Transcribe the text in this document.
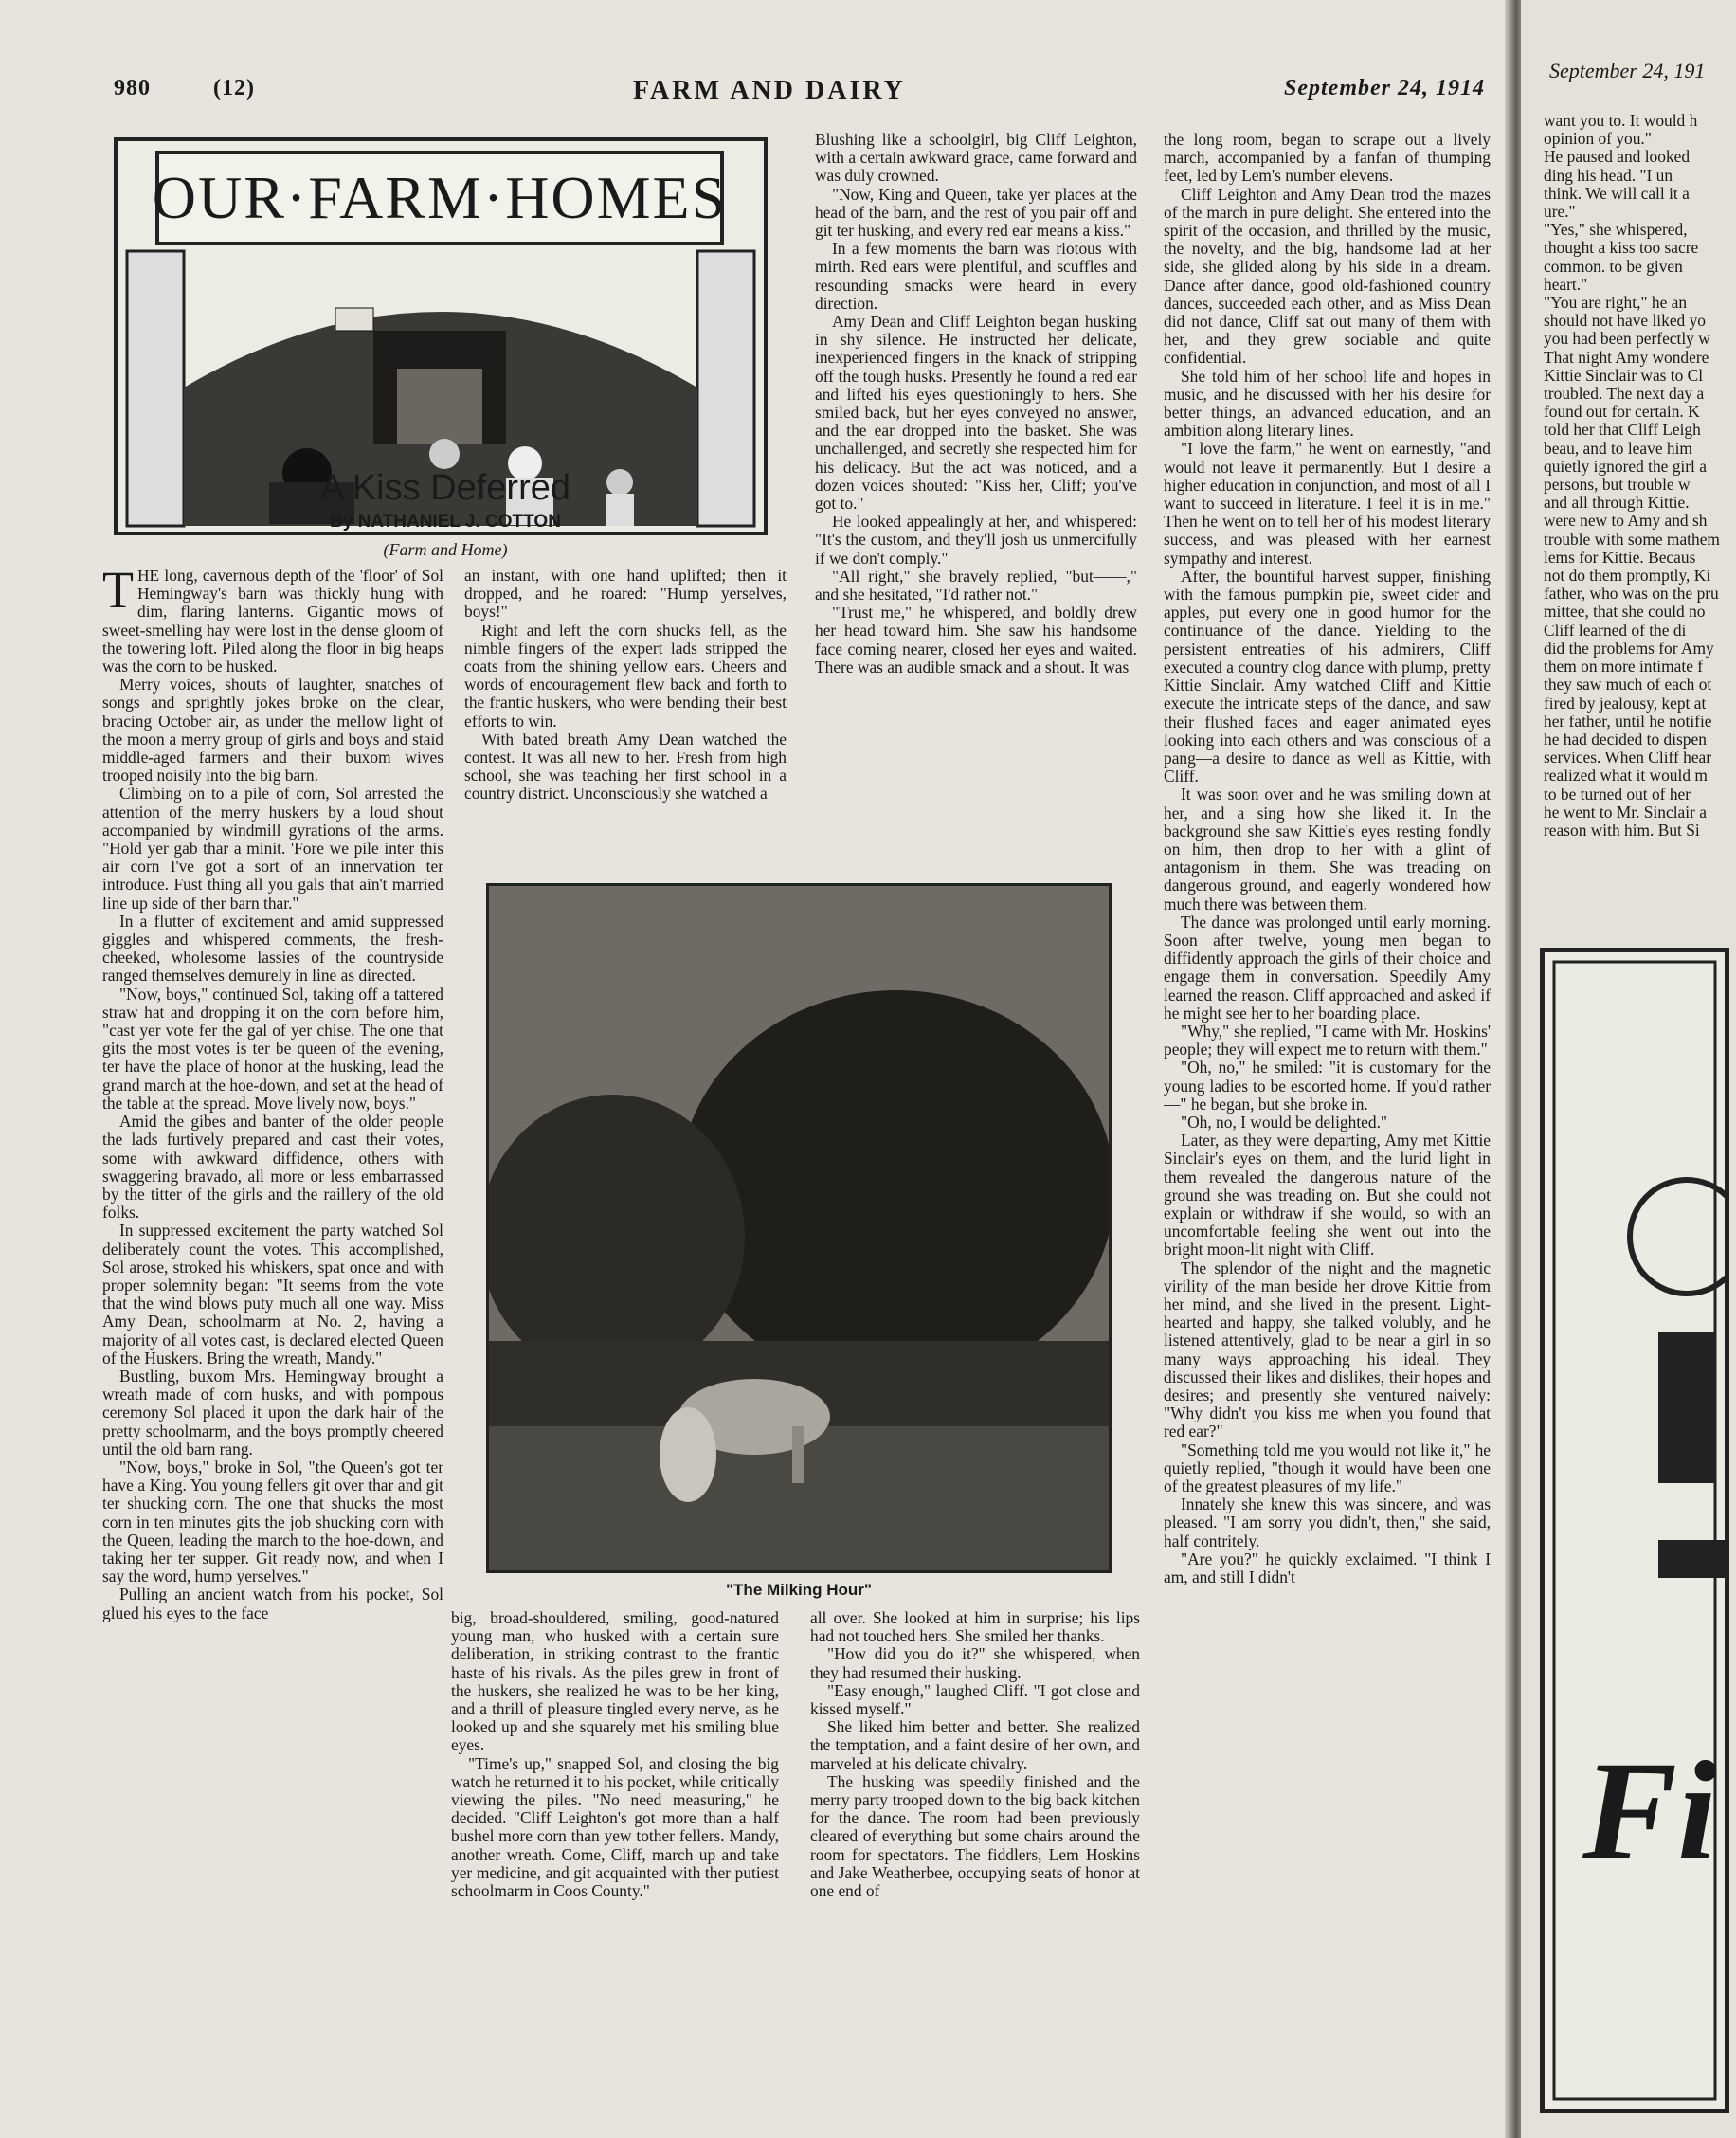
980	(12)	FARM AND DAIRY	September 24, 1914
OUR·FARM·HOMES
A Kiss Deferred
By NATHANIEL J. COTTON
(Farm and Home)

THE long, cavernous depth of the 'floor' of Sol Hemingway's barn was thickly hung with dim, flaring lanterns. Gigantic mows of sweet-smelling hay were lost in the dense gloom of the towering loft. Piled along the floor in big heaps was the corn to be husked.

Merry voices, shouts of laughter, snatches of songs and sprightly jokes broke on the clear, bracing October air, as under the mellow light of the moon a merry group of girls and boys and staid middle-aged farmers and their buxom wives trooped noisily into the big barn.

Climbing on to a pile of corn, Sol arrested the attention of the merry huskers by a loud shout accompanied by windmill gyrations of the arms. "Hold yer gab thar a minit. 'Fore we pile inter this air corn I've got a sort of an innervation ter introduce. Fust thing all you gals that ain't married line up side of ther barn thar."

In a flutter of excitement and amid suppressed giggles and whispered comments, the fresh-cheeked, wholesome lassies of the countryside ranged themselves demurely in line as directed.

"Now, boys," continued Sol, taking off a tattered straw hat and dropping it on the corn before him, "cast yer vote fer the gal of yer chise. The one that gits the most votes is ter be queen of the evening, ter have the place of honor at the husking, lead the grand march at the hoe-down, and set at the head of the table at the spread. Move lively now, boys."

Amid the gibes and banter of the older people the lads furtively prepared and cast their votes, some with awkward diffidence, others with swaggering bravado, all more or less embarrassed by the titter of the girls and the raillery of the old folks.

In suppressed excitement the party watched Sol deliberately count the votes. This accomplished, Sol arose, stroked his whiskers, spat once and with proper solemnity began: "It seems from the vote that the wind blows puty much all one way. Miss Amy Dean, schoolmarm at No. 2, having a majority of all votes cast, is declared elected Queen of the Huskers. Bring the wreath, Mandy."

Bustling, buxom Mrs. Hemingway brought a wreath made of corn husks, and with pompous ceremony Sol placed it upon the dark hair of the pretty schoolmarm, and the boys promptly cheered until the old barn rang.

"Now, boys," broke in Sol, "the Queen's got ter have a King. You young fellers git over thar and git ter shucking corn. The one that shucks the most corn in ten minutes gits the job shucking corn with the Queen, leading the march to the hoe-down, and taking her ter supper. Git ready now, and when I say the word, hump yerselves."

Pulling an ancient watch from his pocket, Sol glued his eyes to the face

an instant, with one hand uplifted; then it dropped, and he roared: "Hump yerselves, boys!"

Right and left the corn shucks fell, as the nimble fingers of the expert lads stripped the coats from the shining yellow ears. Cheers and words of encouragement flew back and forth to the frantic huskers, who were bending their best efforts to win.

With bated breath Amy Dean watched the contest. It was all new to her. Fresh from high school, she was teaching her first school in a country district. Unconsciously she watched a

big, broad-shouldered, smiling, good-natured young man, who husked with a certain sure deliberation, in striking contrast to the frantic haste of his rivals. As the piles grew in front of the huskers, she realized he was to be her king, and a thrill of pleasure tingled every nerve, as he looked up and she squarely met his smiling blue eyes.

"Time's up," snapped Sol, and closing the big watch he returned it to his pocket, while critically viewing the piles. "No need measuring," he decided. "Cliff Leighton's got more than a half bushel more corn than yew tother fellers. Mandy, another wreath. Come, Cliff, march up and take yer medicine, and git acquainted with ther putiest schoolmarm in Coos County."

Blushing like a schoolgirl, big Cliff Leighton, with a certain awkward grace, came forward and was duly crowned.

"Now, King and Queen, take yer places at the head of the barn, and the rest of you pair off and git ter husking, and every red ear means a kiss."

In a few moments the barn was riotous with mirth. Red ears were plentiful, and scuffles and resounding smacks were heard in every direction.

Amy Dean and Cliff Leighton began husking in shy silence. He instructed her delicate, inexperienced fingers in the knack of stripping off the tough husks. Presently he found a red ear and lifted his eyes questioningly to hers. She smiled back, but her eyes conveyed no answer, and the ear dropped into the basket. She was unchallenged, and secretly she respected him for his delicacy. But the act was noticed, and a dozen voices shouted: "Kiss her, Cliff; you've got to."

He looked appealingly at her, and whispered: "It's the custom, and they'll josh us unmercifully if we don't comply."

"All right," she bravely replied, "but——," and she hesitated, "I'd rather not."

"Trust me," he whispered, and boldly drew her head toward him. She saw his handsome face coming nearer, closed her eyes and waited. There was an audible smack and a shout. It was

all over. She looked at him in surprise; his lips had not touched hers. She smiled her thanks.

"How did you do it?" she whispered, when they had resumed their husking.

"Easy enough," laughed Cliff. "I got close and kissed myself."

She liked him better and better. She realized the temptation, and a faint desire of her own, and marveled at his delicate chivalry.

The husking was speedily finished and the merry party trooped down to the big back kitchen for the dance. The room had been previously cleared of everything but some chairs around the room for spectators. The fiddlers, Lem Hoskins and Jake Weatherbee, occupying seats of honor at one end of

the long room, began to scrape out a lively march, accompanied by a fanfan of thumping feet, led by Lem's number elevens.

Cliff Leighton and Amy Dean trod the mazes of the march in pure delight. She entered into the spirit of the occasion, and thrilled by the music, the novelty, and the big, handsome lad at her side, she glided along by his side in a dream. Dance after dance, good old-fashioned country dances, succeeded each other, and as Miss Dean did not dance, Cliff sat out many of them with her, and they grew sociable and quite confidential.

She told him of her school life and hopes in music, and he discussed with her his desire for better things, an advanced education, and an ambition along literary lines.

"I love the farm," he went on earnestly, "and would not leave it permanently. But I desire a higher education in conjunction, and most of all I want to succeed in literature. I feel it is in me." Then he went on to tell her of his modest literary success, and was pleased with her earnest sympathy and interest.

After, the bountiful harvest supper, finishing with the famous pumpkin pie, sweet cider and apples, put every one in good humor for the continuance of the dance. Yielding to the persistent entreaties of his admirers, Cliff executed a country clog dance with plump, pretty Kittie Sinclair. Amy watched Cliff and Kittie execute the intricate steps of the dance, and saw their flushed faces and eager animated eyes looking into each others and was conscious of a pang—a desire to dance as well as Kittie, with Cliff.

It was soon over and he was smiling down at her, and a sing how she liked it. In the background she saw Kittie's eyes resting fondly on him, then drop to her with a glint of antagonism in them. She was treading on dangerous ground, and eagerly wondered how much there was between them.

The dance was prolonged until early morning. Soon after twelve, young men began to diffidently approach the girls of their choice and engage them in conversation. Speedily Amy learned the reason. Cliff approached and asked if he might see her to her boarding place.

"Why," she replied, "I came with Mr. Hoskins' people; they will expect me to return with them."

"Oh, no," he smiled: "it is customary for the young ladies to be escorted home. If you'd rather—" he began, but she broke in.

"Oh, no, I would be delighted."

Later, as they were departing, Amy met Kittie Sinclair's eyes on them, and the lurid light in them revealed the dangerous nature of the ground she was treading on. But she could not explain or withdraw if she would, so with an uncomfortable feeling she went out into the bright moon-lit night with Cliff.

The splendor of the night and the magnetic virility of the man beside her drove Kittie from her mind, and she lived in the present. Light-hearted and happy, she talked volubly, and he listened attentively, glad to be near a girl in so many ways approaching his ideal. They discussed their likes and dislikes, their hopes and desires; and presently she ventured naively: "Why didn't you kiss me when you found that red ear?"

"Something told me you would not like it," he quietly replied, "though it would have been one of the greatest pleasures of my life."

Innately she knew this was sincere, and was pleased. "I am sorry you didn't, then," she said, half contritely.

"Are you?" he quickly exclaimed. "I think I am, and still I didn't

"The Milking Hour"
September 24, 191

want you to. It would h

opinion of you."

He paused and looked

ding his head. "I un

think. We will call it a

ure."

"Yes," she whispered,

thought a kiss too sacre

common. to be given

heart."

"You are right," he an

should not have liked yo

you had been perfectly w

That night Amy wondere

Kittie Sinclair was to Cl

troubled. The next day a

found out for certain. K

told her that Cliff Leigh

beau, and to leave him

quietly ignored the girl a

persons, but trouble w

and all through Kittie.

were new to Amy and sh

trouble with some mathem

lems for Kittie. Becaus

not do them promptly, Ki

father, who was on the pru

mittee, that she could no

Cliff learned of the di

did the problems for Amy

them on more intimate f

they saw much of each ot

fired by jealousy, kept at

her father, until he notifie

he had decided to dispen

services. When Cliff hear

realized what it would m

to be turned out of her

he went to Mr. Sinclair a

reason with him. But Si

Fi
